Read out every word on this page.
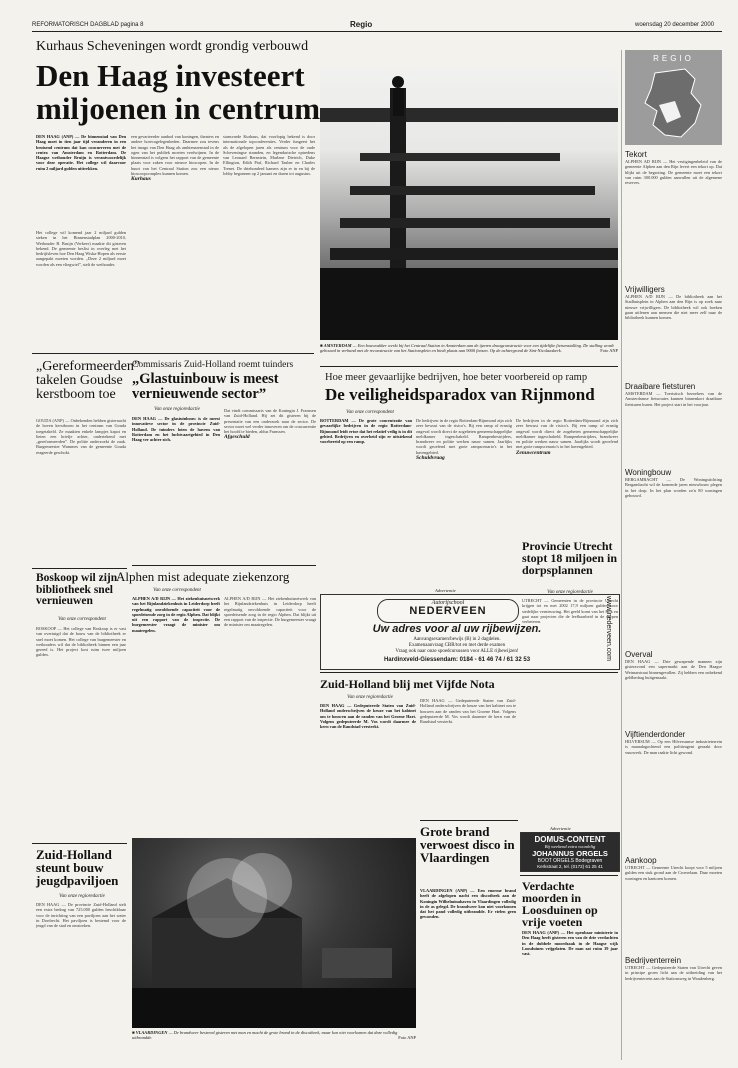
REFORMATORISCH DAGBLAD pagina 8	Regio	woensdag 20 december 2000
Kurhaus Scheveningen wordt grondig verbouwd
Den Haag investeert
miljoenen in centrum
DEN HAAG (ANP) — De binnenstad van Den Haag moet in tien jaar tijd veranderen in een bruisend centrum dat kan concurreren met de centra van Amsterdam en Rotterdam. De Haagse wethouder Bruijn is verantwoordelijk voor deze operatie. Het college wil daarvoor ruim 2 miljard gulden uittrekken.
Het college wil komend jaar 2 miljard gulden steken in het Binnenstadplan 2000-2010, Wethouder B. Bruijn (Verkeer) maakte dit gisteren bekend. De gemeente beslist in overleg met het bedrijfsleven hoe Den Haag Wiska-Hopen als eerste aangepakt moeten worden. „Deze 2 miljard moet worden als een vliegwiel”, stelt de wethouder.
een gevarieerder aanbod van koningen, theaters en andere horecagelegenheden. Daarmee zou tevens het imago van Den Haag als ambtenarenstad in de ogen van het publiek moeten verdwijnen. In de binnenstad is volgens het rapport van de gemeente plaats voor zaken voor nieuwe bioscopen. In de buurt van het Centraal Station zou een nieuw bioscoopcomplex kunnen komen.
Kurhaus
stansvarde Kurhaus, dat voorlopig bekend is door internationale topconferenties. Verder fungeert het als de afgelopen jaren als centrum voor de oude Scheveningse stranden, en legendarische optredens van Leonard Bernstein, Marlene Dietrich, Duke Ellington, Edith Piaf, Richard Tauber en Charles Trenet. De driehonderd kamers zijn er in en bij de lobby begonnen op 2 januari en duren tot augustus.
■ AMSTERDAM — Een bouwvakker werkt bij het Centraal Station in Amsterdam aan de ijzeren draagconstructie voor een tijdelijke fietsenstalling. De stalling wordt gebouwd in verband met de reconstructie van het Stationsplein en biedt plaats aan 9000 fietsen. Op de achtergrond de Sint-Nicolaaskerk.	Foto ANP
REGIO
Tekort
ALPHEN AD RIJN — Het vestigingenbeleid van de gemeente Alphen aan den Rijn levert een tekort op. Dat blijkt uit de begroting. De gemeente moet een tekort van ruim 300.000 gulden aanvullen uit de algemene reserves.
Vrijwilligers
ALPHEN A/D RIJN — De bibliotheek aan het Stadhuisplein in Alphen aan den Rijn is op zoek naar nieuwe vrijwilligers. De bibliotheek wil ook boeken gaan uitlenen aan mensen die niet meer zelf naar de bibliotheek kunnen komen.
Draaibare fietsturen
AMSTERDAM — Toeristisch bezoekers van de Amsterdamse fietsroutes kunnen binnenkort draaibare fietsturen huren. Het project start in het voorjaar.
Woningbouw
BERGAMBACHT — De Woningstichting Bergambacht wil de komende jaren nieuwbouw plegen in het dorp. In het plan worden zo'n 80 woningen gebouwd.
Overval
DEN HAAG — Drie gewapende mannen zijn gisteravond een supermarkt aan de Den Haagse Weimarstraat binnengevallen. Zij hebben een onbekend geldbedrag buitgemaakt.
Vijftienderdonder
HILVERSUM — Op een Hilversumse industrieterrein is maandagochtend een politieagent geraakt door vuurwerk. De man raakte licht gewond.
Aankoop
UTRECHT — Gemeente Utrecht koopt voor 5 miljoen gulden een stuk grond aan de Croeselaan. Daar moeten woningen en kantoren komen.
Bedrijventerrein
UTRECHT — Gedeputeerde Staten van Utrecht geven in principe groen licht aan de uitbreiding van het bedrijventerrein aan de Stationsweg in Woudenberg.
Hoe meer gevaarlijke bedrijven, hoe beter voorbereid op ramp
De veiligheidsparadox van Rijnmond
Van onze correspondent
ROTTERDAM — De grote concentratie van gevaarlijke bedrijven in de regio Rotterdam-Rijnmond leidt ertoe dat het relatief veilig is in dit gebied. Bedrijven en overheid zijn er uitstekend voorbereid op een ramp.
De bedrijven in de regio Rotterdam-Rijnmond zijn zich zeer bewust van de risico's. Bij een ramp of ernstig ongeval wordt direct de zogeheten gemeenschappelijke meldkamer ingeschakeld. Rampenbestrijders, brandweer en politie werken nauw samen. Jaarlijks wordt geoefend met grote rampscenario's in het havengebied.
Schuldvraag
De bedrijven in de regio Rotterdam-Rijnmond zijn zich zeer bewust van de risico's. Bij een ramp of ernstig ongeval wordt direct de zogeheten gemeenschappelijke meldkamer ingeschakeld. Rampenbestrijders, brandweer en politie werken nauw samen. Jaarlijks wordt geoefend met grote rampscenario's in het havengebied.
Zenuwcentrum
„Gereformeerden” takelen Goudse kerstboom toe
GOUDA (ANP) — Onbekenden hebben gisternacht de boven kerstboom in het centrum van Gouda toegetakeld. Ze maakten enkele lampjes kapot en lieten een briefje achter, ondertekend met „gereformeerden”. De politie onderzoekt de zaak. Burgemeester Wammes van de gemeente Gouda reageerde geschokt.
Boskoop wil zijn bibliotheek snel vernieuwen
Van onze correspondent
BOSKOOP — Het college van Boskoop is er vast van overtuigd dat de bouw van de bibliotheek er snel moet komen. Het college van burgemeester en wethouders wil dat de bibliotheek binnen een jaar gereed is. Het project kost ruim twee miljoen gulden.
Zuid-Holland steunt bouw jeugdpaviljoen
Van onze regioredactie
DEN HAAG — De provincie Zuid-Holland stelt een extra bedrag van 725.000 gulden beschikbaar voor de inrichting van een paviljoen aan het water in Dordrecht. Het paviljoen is bestemd voor de jeugd van de stad en omstreken.
Commissaris Zuid-Holland roemt tuinders
„Glastuinbouw is meest vernieuwende sector”
Van onze regioredactie
DEN HAAG — De glastuinbouw is de meest innovatieve sector in de provincie Zuid-Holland. De tuinders loten de havens van Rotterdam en het luchtvaartgebied in Den Haag ver achter zich.
Dat vindt commissaris van de Koningin J. Franssen van Zuid-Holland. Hij zei dit gisteren bij de presentatie van een onderzoek naar de sector. De sector moet wel verder innoveren om de concurrentie het hoofd te bieden, aldus Franssen.
Afgeschuld
Advertentie
Autorijschool
NEDERVEEN
Uw adres voor al uw rijbewijzen.
Aanvangsexamen/bewijs (B) in 2 dagdelen.
Examenaanvraag CBR/tot en met derde examen
Vraag ook naar onze spoedcursussen voor ALLE rijbewijzen!
Hardinxveld-Giessendam: 0184 - 61 46 74 / 61 32 53	www.nederveen.com
Alphen mist adequate ziekenzorg
Van onze correspondent
ALPHEN A/D RIJN — Het ziekenhuisnetwerk van het Rijnlandziekenhuis in Leiderdorp heeft regelmatig onvoldoende capaciteit voor de spoedeisende zorg in de regio Alphen. Dat blijkt uit een rapport van de inspectie. De burgemeester vraagt de minister om maatregelen.
ALPHEN A/D RIJN — Het ziekenhuisnetwerk van het Rijnlandziekenhuis in Leiderdorp heeft regelmatig onvoldoende capaciteit voor de spoedeisende zorg in de regio Alphen. Dat blijkt uit een rapport van de inspectie. De burgemeester vraagt de minister om maatregelen.
Zuid-Holland blij met Vijfde Nota
Van onze regioredactie
DEN HAAG — Gedeputeerde Staten van Zuid-Holland onderschrijven de keuze van het kabinet om te bouwen aan de randen van het Groene Hart. Volgens gedeputeerde M. Vos wordt daarmee de kern van de Randstad versterkt.
DEN HAAG — Gedeputeerde Staten van Zuid-Holland onderschrijven de keuze van het kabinet om te bouwen aan de randen van het Groene Hart. Volgens gedeputeerde M. Vos wordt daarmee de kern van de Randstad versterkt.
Provincie Utrecht stopt 18 miljoen in dorpsplannen
Van onze regioredactie
UTRECHT — Gemeenten in de provincie Utrecht krijgen tot en met 2002 17,9 miljoen gulden voor stedelijke vernieuwing. Het geeld komt van het Rijk en gaat naar projecten die de leefbaarheid in de dorpen verbeteren.
Advertentie
DOMUS-CONTENT
Bij weekend extra voordelig
JOHANNUS ORGELS
BOOT ORGELS Bodegraven
Kerkstraat 2, tel. (0172) 61 25 41
Grote brand verwoest disco in Vlaardingen
VLAARDINGEN (ANP) — Een enorme brand heeft de afgelopen nacht een discotheek aan de Koningin Wilhelminahaven in Vlaardingen volledig in de as gelegd. De brandweer kon niet voorkomen dat het pand volledig uitbrandde. Er vielen geen gewonden.
Verdachte moorden in Loosduinen op vrije voeten
DEN HAAG (ANP) — Het openbaar ministerie in Den Haag heeft gisteren een van de drie verdachten in de dubbele moordzaak in de Haagse wijk Loosduinen vrijgelaten. De man zat ruim 39 jaar vast.
■ VLAARDINGEN — De brandweer bestreed gisteren met man en macht de grote brand in de discotheek, maar kon niet voorkomen dat deze volledig uitbrandde.	Foto ANP
